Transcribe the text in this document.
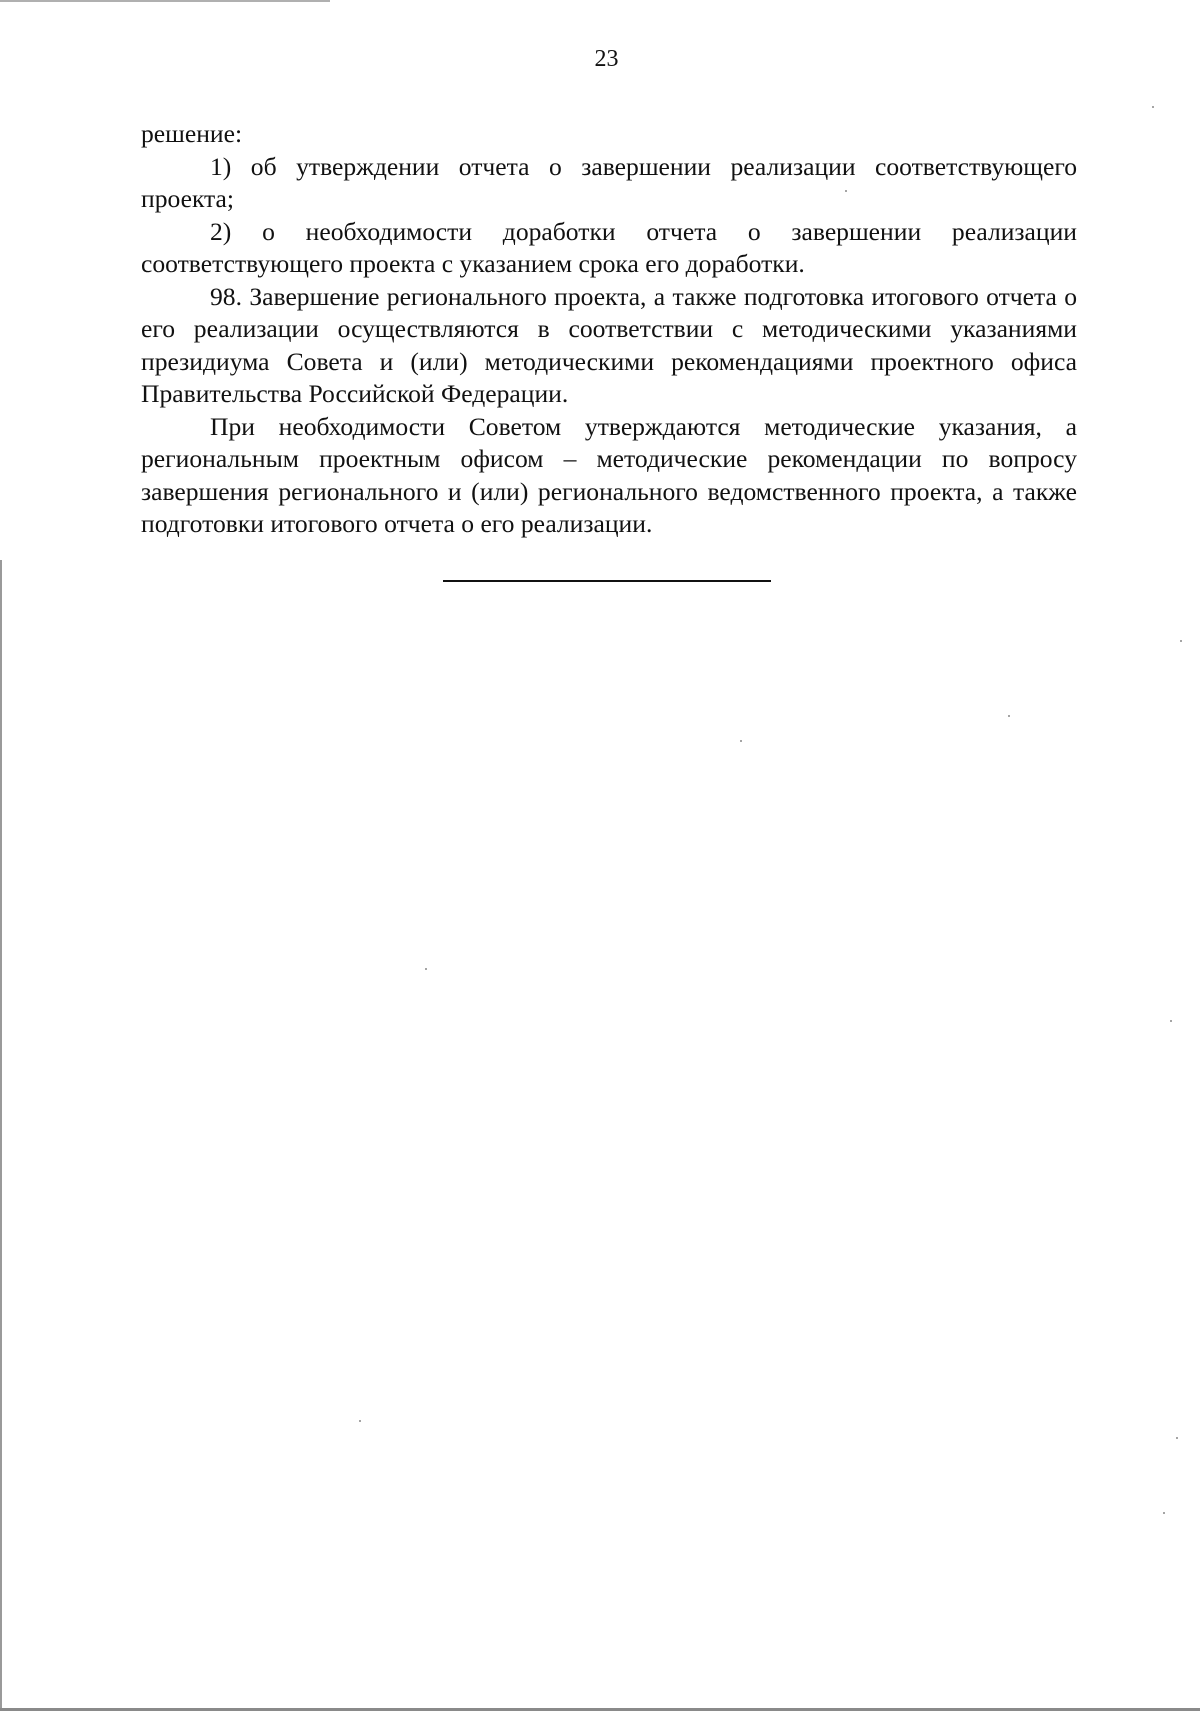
23

решение:

1) об утверждении отчета о завершении реализации соответствующего проекта;

2) о необходимости доработки отчета о завершении реализации соответствующего проекта с указанием срока его доработки.

98. Завершение регионального проекта, а также подготовка итогового отчета о его реализации осуществляются в соответствии с методическими указаниями президиума Совета и (или) методическими рекомендациями проектного офиса Правительства Российской Федерации.

При необходимости Советом утверждаются методические указания, а региональным проектным офисом – методические рекомендации по вопросу завершения регионального и (или) регионального ведомственного проекта, а также подготовки итогового отчета о его реализации.
